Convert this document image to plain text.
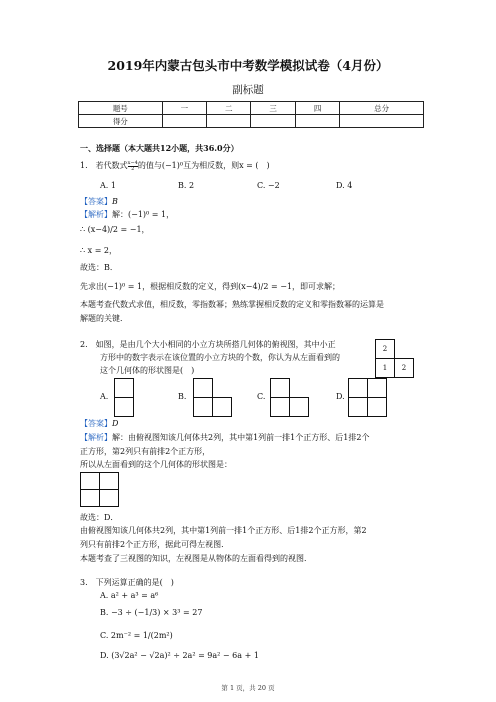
2019年内蒙古包头市中考数学模拟试卷（4月份）
副标题
题号	一	二	三	四	总分
得分					
一、选择题（本大题共12小题，共36.0分）
1.　若代数式 $\frac{x-4}{2}$ 的值与(−1)⁰互为相反数，则x = (　)
A. 1	B. 2	C. −2	D. 4
【答案】B
【解析】解：(−1)⁰ = 1，
∴ (x−4)/2 = −1，
∴ x = 2，
故选：B．
先求出(−1)⁰ = 1，根据相反数的定义，得到(x−4)/2 = −1，即可求解；
本题考查代数式求值，相反数，零指数幂；熟练掌握相反数的定义和零指数幂的运算是
解题的关键．
2.　如图，是由几个大小相同的小立方块所搭几何体的俯视图，其中小正
方形中的数字表示在该位置的小立方块的个数，你认为从左面看到的
这个几何体的形状图是(　)
2
1	2
A.	B.	C.	D.
【答案】D
【解析】解：由俯视图知该几何体共2列，其中第1列前一排1个正方形、后1排2个
正方形，第2列只有前排2个正方形，
所以从左面看到的这个几何体的形状图是：
故选：D．
由俯视图知该几何体共2列，其中第1列前一排1个正方形、后1排2个正方形，第2
列只有前排2个正方形，据此可得左视图．
本题考查了三视图的知识，左视图是从物体的左面看得到的视图．
3.　下列运算正确的是(　)
A. a² + a³ = a⁶
B. −3 ÷ (−1/3) × 3³ = 27
C. 2m⁻² = 1/(2m²)
D. (3√2a² − √2a)² ÷ 2a² = 9a² − 6a + 1
第 1 页，共 20 页
